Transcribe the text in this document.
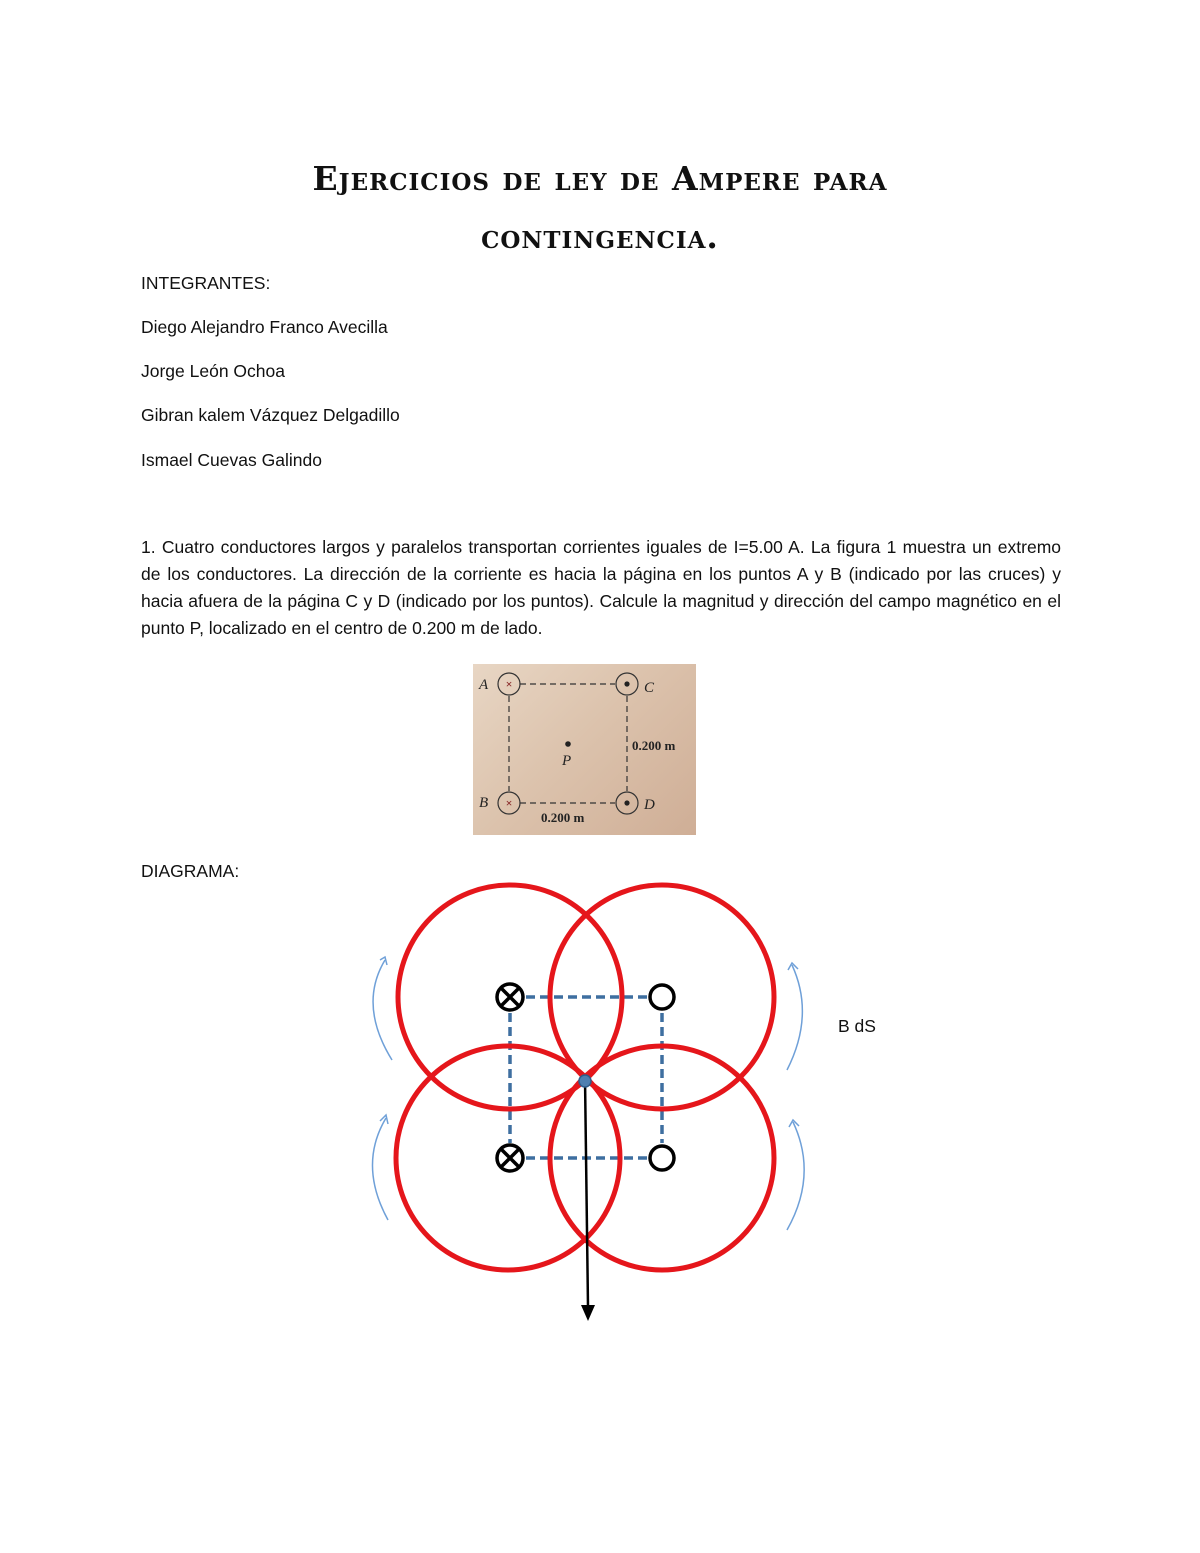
Ejercicios de ley de Ampere para
contingencia.
INTEGRANTES:
Diego Alejandro Franco Avecilla
Jorge León Ochoa
Gibran kalem Vázquez Delgadillo
Ismael Cuevas Galindo
1. Cuatro conductores largos y paralelos transportan corrientes iguales de I=5.00 A. La figura 1 muestra un extremo de los conductores. La dirección de la corriente es hacia la página en los puntos A y B (indicado por las cruces) y hacia afuera de la página C y D (indicado por los puntos). Calcule la magnitud y dirección del campo magnético en el punto P, localizado en el centro de 0.200 m de lado.
×
×
A	C
B	D
P
0.200 m
0.200 m
DIAGRAMA:
B dS
